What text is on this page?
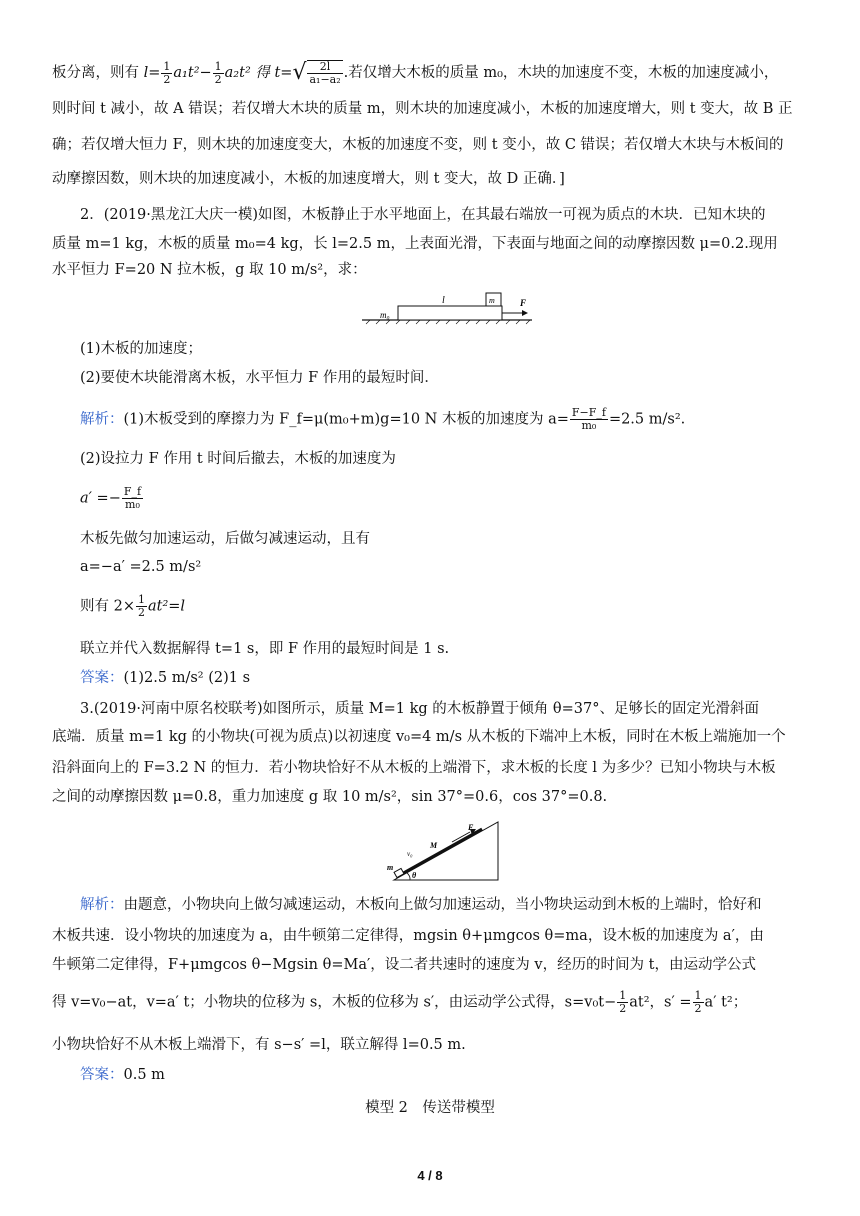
板分离，则有 $l= \frac{1}{2} a_1t^2- \frac{1}{2} a_2t^2$ 得 $t=√ \frac{2l}{\text{a₁−a₂}}$ .若仅增大木板的质量 m₀，木块的加速度不变，木板的加速度减小，
则时间 t 减小，故 A 错误；若仅增大木块的质量 m，则木块的加速度减小，木板的加速度增大，则 t 变大，故 B 正
确；若仅增大恒力 F，则木块的加速度变大，木板的加速度不变，则 t 变小，故 C 错误；若仅增大木块与木板间的
动摩擦因数，则木块的加速度减小，木板的加速度增大，则 t 变大，故 D 正确．]
2．(2019·黑龙江大庆一模)如图，木板静止于水平地面上，在其最右端放一可视为质点的木块．已知木块的
质量 m=1 kg，木板的质量 m₀=4 kg，长 l=2.5 m，上表面光滑，下表面与地面之间的动摩擦因数 μ=0.2.现用
水平恒力 F=20 N 拉木板，g 取 10 m/s²，求：
m₀
l	m	F
(1)木板的加速度；
(2)要使木块能滑离木板，水平恒力 F 作用的最短时间．
解析：(1)木板受到的摩擦力为 F_f=μ(m₀+m)g=10 N 木板的加速度为 $a= \frac{F-F\_f}{\text{m₀}} =2.5$ m/s².
(2)设拉力 F 作用 t 时间后撤去，木板的加速度为
$a' =- \frac{F\_f}{\text{m₀}}$
木板先做匀加速运动，后做匀减速运动，且有
a=−a′ =2.5 m/s²
则有 $2\times \frac{1}{2} at^2=l$
联立并代入数据解得 t=1 s，即 F 作用的最短时间是 1 s.
答案：(1)2.5 m/s² (2)1 s
3.(2019·河南中原名校联考)如图所示，质量 M=1 kg 的木板静置于倾角 θ=37°、足够长的固定光滑斜面
底端．质量 m=1 kg 的小物块(可视为质点)以初速度 v₀=4 m/s 从木板的下端冲上木板，同时在木板上端施加一个
沿斜面向上的 F=3.2 N 的恒力．若小物块恰好不从木板的上端滑下，求木板的长度 l 为多少？已知小物块与木板
之间的动摩擦因数 μ=0.8，重力加速度 g 取 10 m/s²，sin 37°=0.6，cos 37°=0.8.
F
M
v₀
m
θ
解析：由题意，小物块向上做匀减速运动，木板向上做匀加速运动，当小物块运动到木板的上端时，恰好和
木板共速．设小物块的加速度为 a，由牛顿第二定律得，mgsin θ+μmgcos θ=ma，设木板的加速度为 a′，由
牛顿第二定律得，F+μmgcos θ−Mgsin θ=Ma′，设二者共速时的速度为 v，经历的时间为 t，由运动学公式
得 v=v₀−at，v=a′ t；小物块的位移为 s，木板的位移为 s′，由运动学公式得，$s=v_0t- \frac{1}{2} at^2$，$s' = \frac{1}{2} a'$ t²；
小物块恰好不从木板上端滑下，有 s−s′ =l，联立解得 l=0.5 m.
答案：0.5 m
模型 2　传送带模型
4 / 8
